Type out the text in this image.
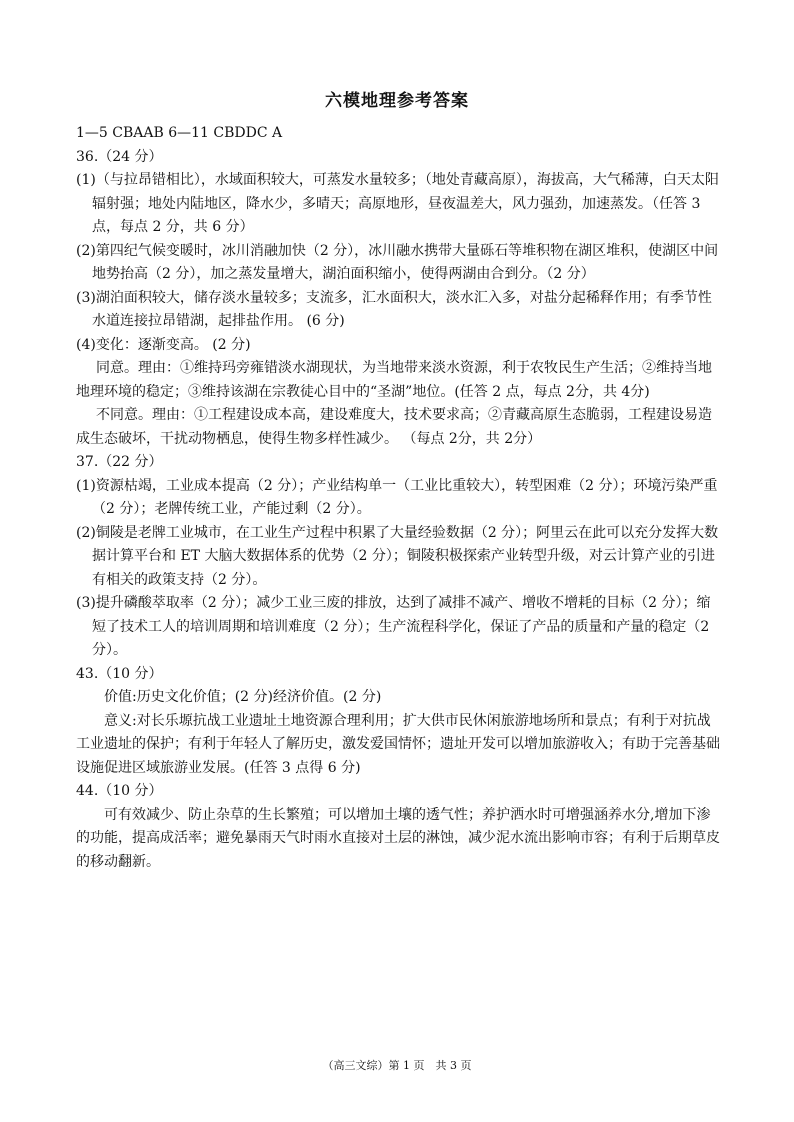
六模地理参考答案
1—5 CBAAB 6—11 CBDDC A
36.（24 分）

(1)（与拉昂错相比），水域面积较大，可蒸发水量较多；（地处青藏高原），海拔高，大气稀薄，白天太阳辐射强；地处内陆地区，降水少，多晴天；高原地形，昼夜温差大，风力强劲，加速蒸发。（任答 3 点，每点 2 分，共 6 分）

(2)第四纪气候变暖时，冰川消融加快（2 分），冰川融水携带大量砾石等堆积物在湖区堆积，使湖区中间地势抬高（2 分），加之蒸发量增大，湖泊面积缩小，使得两湖由合到分。（2 分）

(3)湖泊面积较大，储存淡水量较多；支流多，汇水面积大，淡水汇入多，对盐分起稀释作用；有季节性水道连接拉昂错湖，起排盐作用。 (6 分)

(4)变化：逐渐变高。 (2 分)

同意。理由：①维持玛旁雍错淡水湖现状，为当地带来淡水资源，利于农牧民生产生活；②维持当地地理环境的稳定；③维持该湖在宗教徒心目中的“圣湖”地位。(任答 2 点，每点 2分，共 4分)

不同意。理由：①工程建设成本高，建设难度大，技术要求高；②青藏高原生态脆弱，工程建设易造成生态破坏，干扰动物栖息，使得生物多样性减少。 （每点 2分，共 2分）

37.（22 分）

(1)资源枯竭，工业成本提高（2 分）；产业结构单一（工业比重较大），转型困难（2 分）；环境污染严重（2 分）；老牌传统工业，产能过剩（2 分）。

(2)铜陵是老牌工业城市，在工业生产过程中积累了大量经验数据（2 分）；阿里云在此可以充分发挥大数据计算平台和 ET 大脑大数据体系的优势（2 分）；铜陵积极探索产业转型升级，对云计算产业的引进有相关的政策支持（2 分）。

(3)提升磷酸萃取率（2 分）；减少工业三废的排放，达到了减排不减产、增收不增耗的目标（2 分）；缩短了技术工人的培训周期和培训难度（2 分）；生产流程科学化，保证了产品的质量和产量的稳定（2 分）。

43.（10 分）

价值:历史文化价值；(2 分)经济价值。(2 分)

意义:对长乐塬抗战工业遗址土地资源合理利用；扩大供市民休闲旅游地场所和景点；有利于对抗战工业遗址的保护；有利于年轻人了解历史，激发爱国情怀；遗址开发可以增加旅游收入；有助于完善基础设施促进区域旅游业发展。(任答 3 点得 6 分)

44.（10 分）

可有效减少、防止杂草的生长繁殖；可以增加土壤的透气性；养护洒水时可增强涵养水分,增加下渗的功能，提高成活率；避免暴雨天气时雨水直接对土层的淋蚀，减少泥水流出影响市容；有利于后期草皮的移动翻新。

（高三文综）第 1 页　共 3 页
